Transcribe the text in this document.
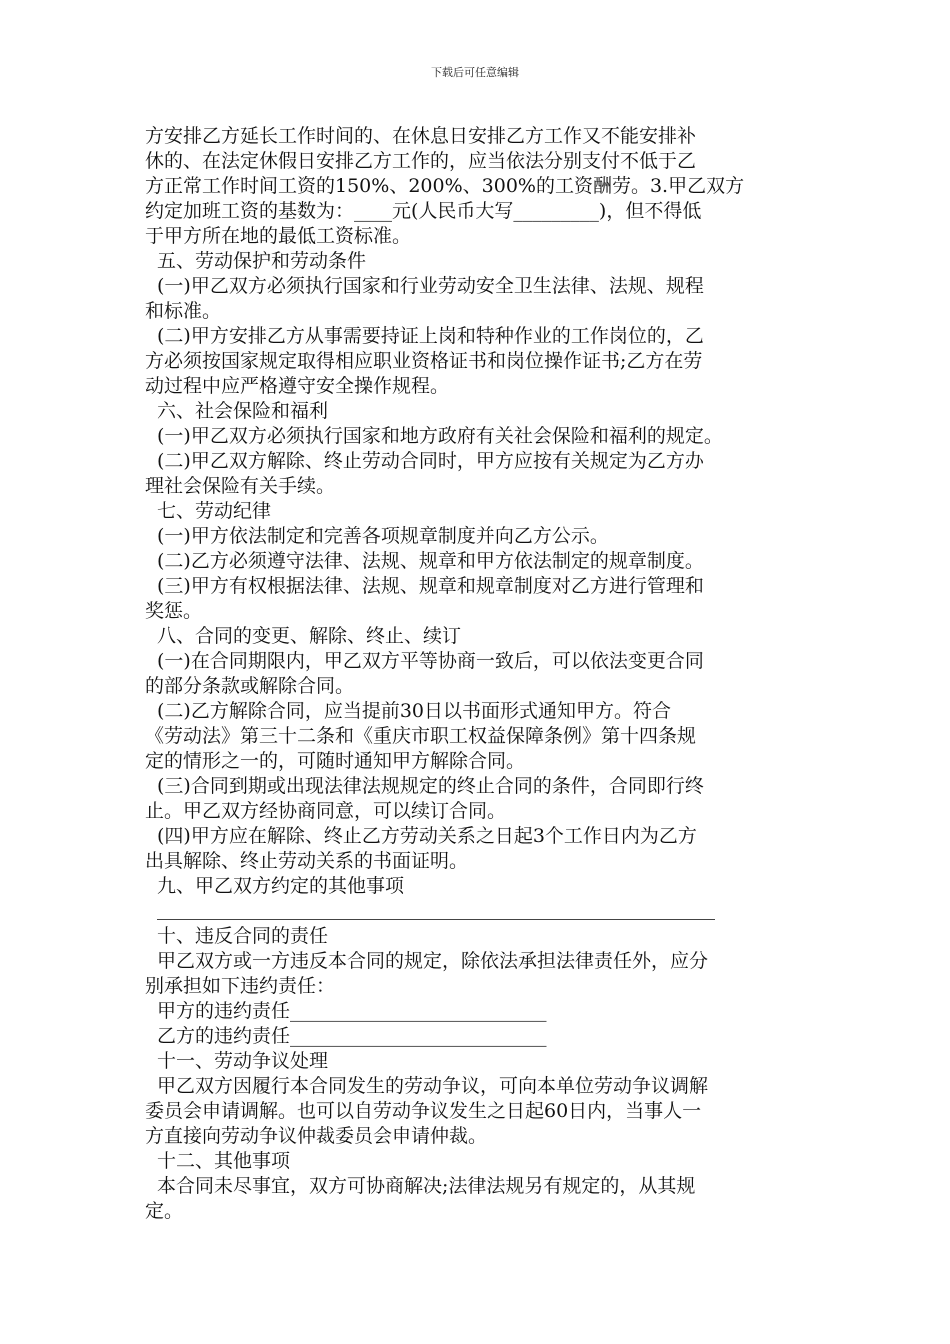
下载后可任意编辑

方安排乙方延长工作时间的、在休息日安排乙方工作又不能安排补

休的、在法定休假日安排乙方工作的，应当依法分别支付不低于乙

方正常工作时间工资的150%、200%、300%的工资酬劳。3.甲乙双方

约定加班工资的基数为：____元(人民币大写_________)，但不得低

于甲方所在地的最低工资标准。

五、劳动保护和劳动条件

(一)甲乙双方必须执行国家和行业劳动安全卫生法律、法规、规程

和标准。

(二)甲方安排乙方从事需要持证上岗和特种作业的工作岗位的，乙

方必须按国家规定取得相应职业资格证书和岗位操作证书;乙方在劳

动过程中应严格遵守安全操作规程。

六、社会保险和福利

(一)甲乙双方必须执行国家和地方政府有关社会保险和福利的规定。

(二)甲乙双方解除、终止劳动合同时，甲方应按有关规定为乙方办

理社会保险有关手续。

七、劳动纪律

(一)甲方依法制定和完善各项规章制度并向乙方公示。

(二)乙方必须遵守法律、法规、规章和甲方依法制定的规章制度。

(三)甲方有权根据法律、法规、规章和规章制度对乙方进行管理和

奖惩。

八、合同的变更、解除、终止、续订

(一)在合同期限内，甲乙双方平等协商一致后，可以依法变更合同

的部分条款或解除合同。

(二)乙方解除合同，应当提前30日以书面形式通知甲方。符合

《劳动法》第三十二条和《重庆市职工权益保障条例》第十四条规

定的情形之一的，可随时通知甲方解除合同。

(三)合同到期或出现法律法规规定的终止合同的条件，合同即行终

止。甲乙双方经协商同意，可以续订合同。

(四)甲方应在解除、终止乙方劳动关系之日起3个工作日内为乙方

出具解除、终止劳动关系的书面证明。

九、甲乙双方约定的其他事项

十、违反合同的责任

甲乙双方或一方违反本合同的规定，除依法承担法律责任外，应分

别承担如下违约责任：

甲方的违约责任___________________________

乙方的违约责任___________________________

十一、劳动争议处理

甲乙双方因履行本合同发生的劳动争议，可向本单位劳动争议调解

委员会申请调解。也可以自劳动争议发生之日起60日内，当事人一

方直接向劳动争议仲裁委员会申请仲裁。

十二、其他事项

本合同未尽事宜，双方可协商解决;法律法规另有规定的，从其规

定。
